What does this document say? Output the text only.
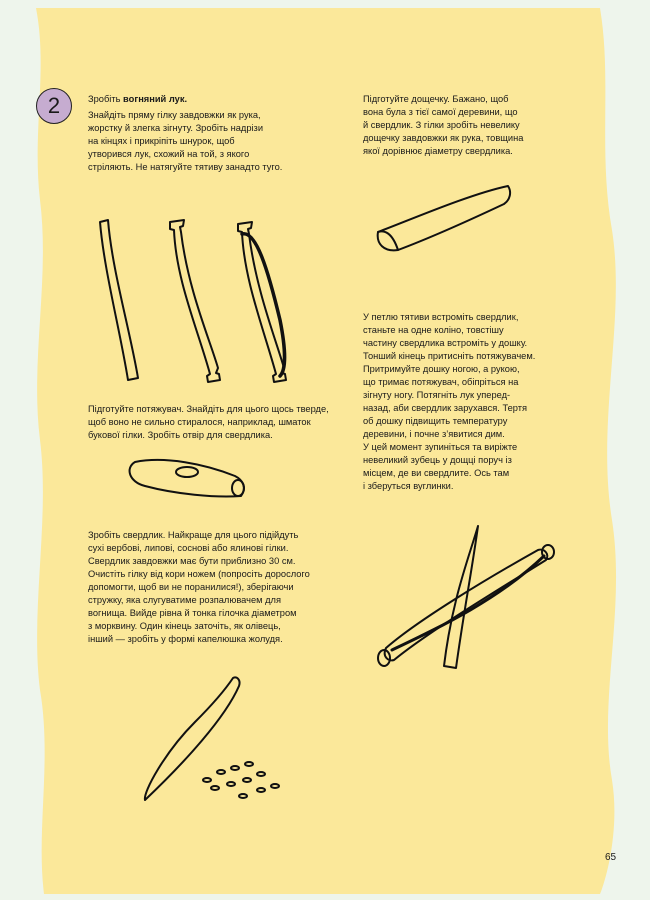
2	Зробіть вогняний лук.

Знайдіть пряму гілку завдовжки як рука,
жорстку й злегка зігнуту. Зробіть надрізи
на кінцях і прикріпіть шнурок, щоб
утворився лук, схожий на той, з якого
стріляють. Не натягуйте тятиву занадто туго.

Підготуйте дощечку. Бажано, щоб
вона була з тієї самої деревини, що
й свердлик. З гілки зробіть невелику
дощечку завдовжки як рука, товщина
якої дорівнює діаметру свердлика.

Підготуйте потяжувач. Знайдіть для цього щось тверде,
щоб воно не сильно стиралося, наприклад, шматок
букової гілки. Зробіть отвір для свердлика.

Зробіть свердлик. Найкраще для цього підійдуть
сухі вербові, липові, соснові або ялинові гілки.
Свердлик завдовжки має бути приблизно 30 см.
Очистіть гілку від кори ножем (попросіть дорослого
допомогти, щоб ви не поранилися!), зберігаючи
стружку, яка слугуватиме розпалювачем для
вогнища. Вийде рівна й тонка гілочка діаметром
з морквину. Один кінець заточіть, як олівець,
інший — зробіть у формі капелюшка жолудя.

У петлю тятиви встроміть свердлик,
станьте на одне коліно, товстішу
частину свердлика встроміть у дошку.
Тонший кінець притисніть потяжувачем.
Притримуйте дошку ногою, а рукою,
що тримає потяжувач, обіпріться на
зігнуту ногу. Потягніть лук уперед-
назад, аби свердлик заруxався. Тертя
об дошку підвищить температуру
деревини, і почне з’явитися дим.
У цей момент зупиніться та виріжте
невеликий зубець у дощці поруч із
місцем, де ви свердлите. Ось там
і зберуться вуглинки.

65
